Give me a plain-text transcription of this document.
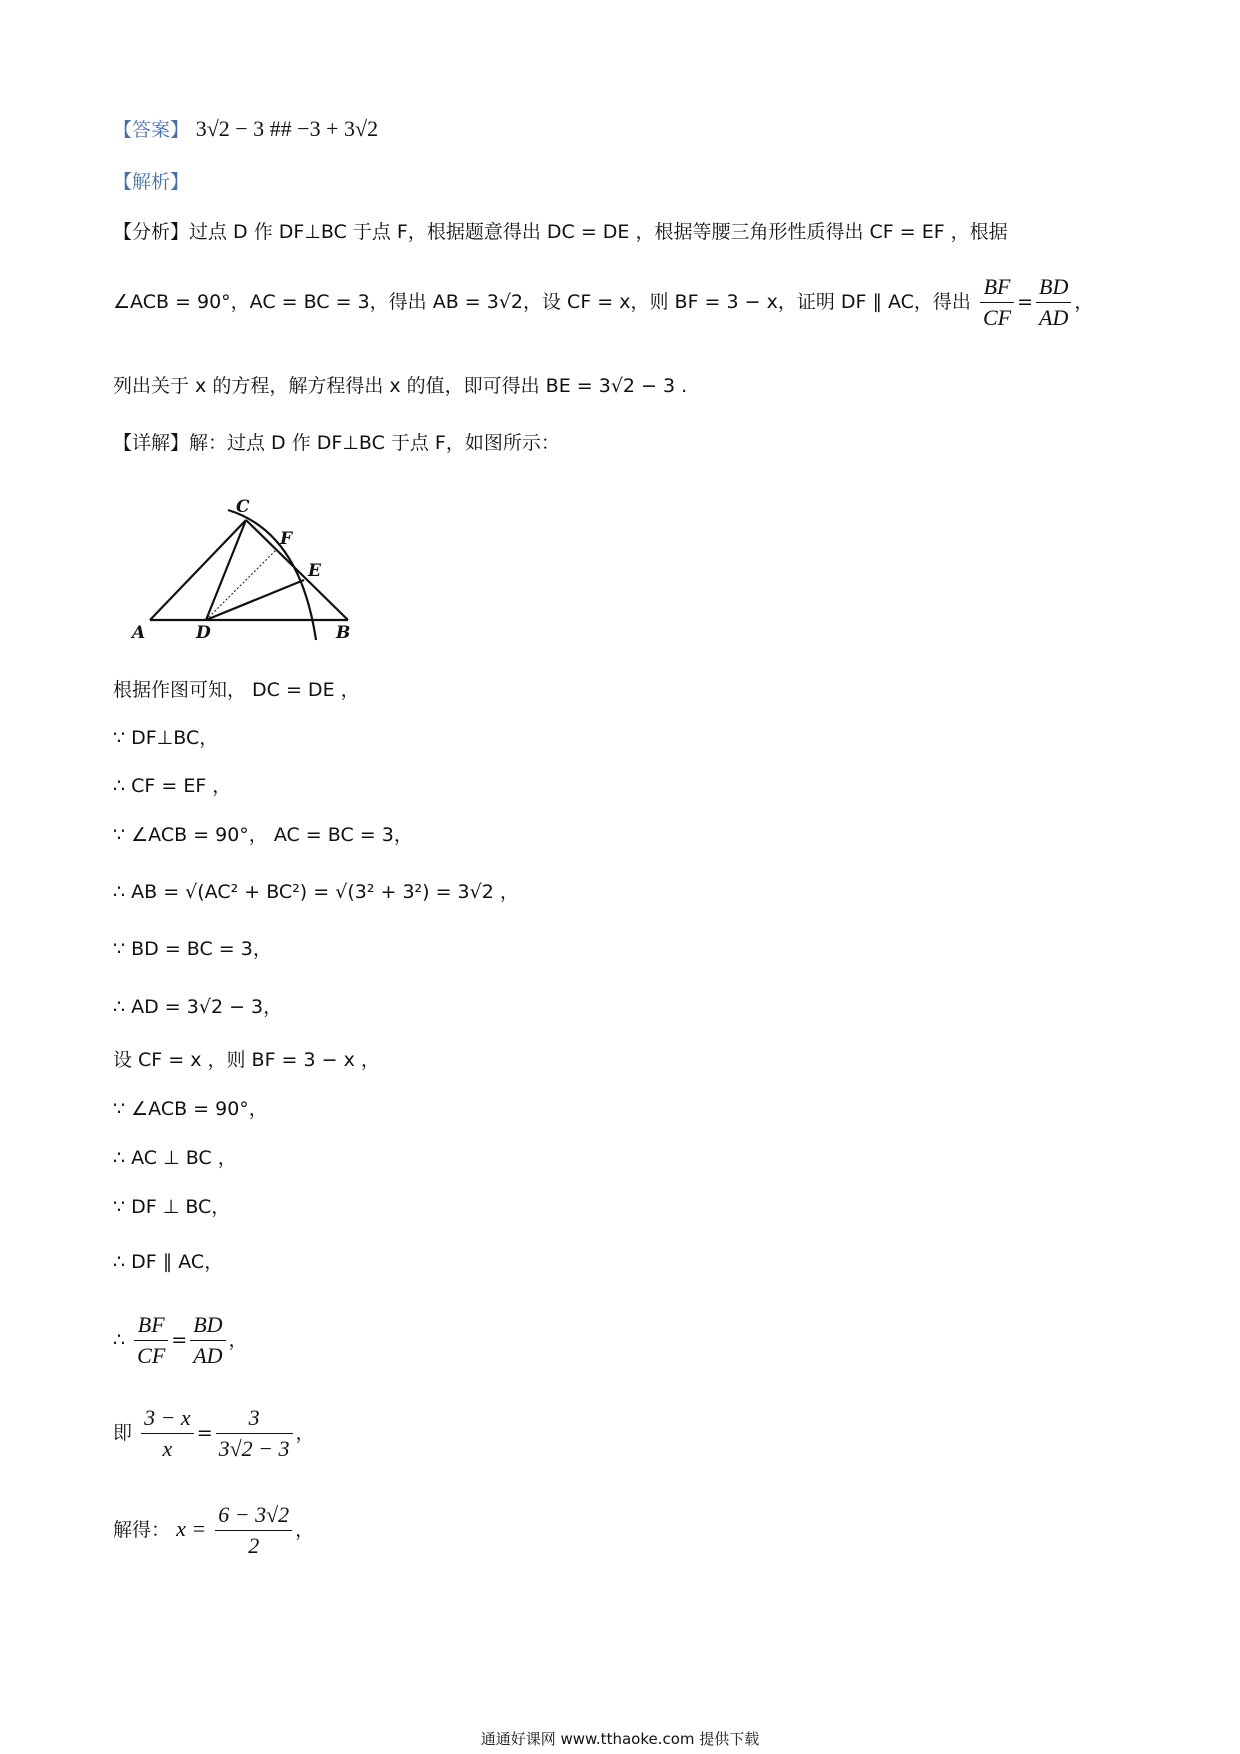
【答案】 3√2 − 3 ## −3 + 3√2
【解析】
【分析】过点 D 作 DF⊥BC 于点 F，根据题意得出 DC = DE ，根据等腰三角形性质得出 CF = EF ，根据
∠ACB = 90°，AC = BC = 3，得出 AB = 3√2，设 CF = x，则 BF = 3 − x，证明 DF ∥ AC，得出 $\frac{BF}{CF} = \frac{BD}{AD}$ ，
列出关于 x 的方程，解方程得出 x 的值，即可得出 BE = 3√2 − 3 .
【详解】解：过点 D 作 DF⊥BC 于点 F，如图所示：
A	D	B
C
E
F
根据作图可知， DC = DE ，
∵ DF⊥BC，
∴ CF = EF ，
∵ ∠ACB = 90°， AC = BC = 3，
∴ AB = √(AC² + BC²) = √(3² + 3²) = 3√2 ，
∵ BD = BC = 3，
∴ AD = 3√2 − 3，
设 CF = x ，则 BF = 3 − x ，
∵ ∠ACB = 90°，
∴ AC ⊥ BC ，
∵ DF ⊥ BC，
∴ DF ∥ AC，
∴ $\frac{BF}{CF} = \frac{BD}{AD}$ ，
即 $\frac{3 - x}{x} = \frac{3}{3√2 - 3}$ ，
解得： $x = \frac{6 - 3√2}{2}$ ，
通通好课网 www.tthaoke.com 提供下载
